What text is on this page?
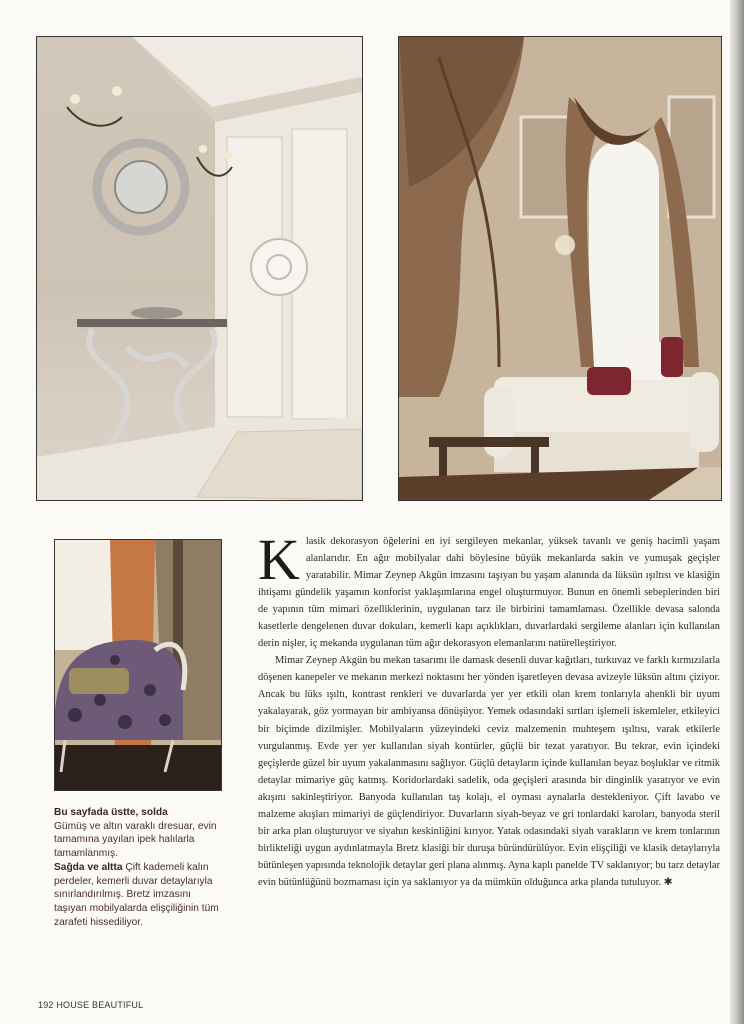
Bu sayfada üstte, solda
Gümüş ve altın varaklı dresuar, evin tamamına yayılan ipek halılarla tamamlanmış.
Sağda ve altta Çift kademeli kalın perdeler, kemerli duvar detaylarıyla sınırlandırılmış. Bretz imzasını taşıyan mobilyalarda elişçiliğinin tüm zarafeti hissediliyor.

Klasik dekorasyon öğelerini en iyi sergileyen mekanlar, yüksek tavanlı ve geniş hacimli yaşam alanlarıdır. En ağır mobilyalar dahi böylesine büyük mekanlarda sakin ve yumuşak geçişler yaratabilir. Mimar Zeynep Akgün imzasını taşıyan bu yaşam alanında da lüksün ışıltısı ve klasiğin ihtişamı gündelik yaşamın konforist yaklaşımlarına engel oluşturmuyor. Bunun en önemli sebeplerinden biri de yapının tüm mimari özelliklerinin, uygulanan tarz ile birbirini tamamlaması. Özellikle devasa salonda kasetlerle dengelenen duvar dokuları, kemerli kapı açıklıkları, duvarlardaki sergileme alanları için kullanılan derin nişler, iç mekanda uygulanan tüm ağır dekorasyon elemanlarını natürelleştiriyor.

Mimar Zeynep Akgün bu mekan tasarımı ile damask desenli duvar kağıtları, turkuvaz ve farklı kırmızılarla döşenen kanepeler ve mekanın merkezi noktasını her yönden işaretleyen devasa avizeyle lüksün altını çiziyor. Ancak bu lüks ışıltı, kontrast renkleri ve duvarlarda yer yer etkili olan krem tonlarıyla ahenkli bir uyum yakalayarak, göz yormayan bir ambiyansa dönüşüyor. Yemek odasındaki sırtları işlemeli iskemleler, etkileyici bir biçimde dizilmişler. Mobilyaların yüzeyindeki ceviz malzemenin muhteşem ışıltısı, varak etkilerle vurgulanmış. Evde yer yer kullanılan siyah kontürler, güçlü bir tezat yaratıyor. Bu tekrar, evin içindeki geçişlerde güzel bir uyum yakalanmasını sağlıyor. Güçlü detayların içinde kullanılan beyaz boşluklar ve ritmik detaylar mimariye güç katmış. Koridorlardaki sadelik, oda geçişleri arasında bir dinginlik yaratıyor ve evin akışını sakinleştiriyor. Banyoda kullanılan taş kolajı, el oyması aynalarla destekleniyor. Çift lavabo ve malzeme akışları mimariyi de güçlendiriyor. Duvarların siyah-beyaz ve gri tonlardaki karoları, banyoda steril bir arka plan oluşturuyor ve siyahın keskinliğini kırıyor. Yatak odasındaki siyah varakların ve krem tonlarının birlikteliği uygun aydınlatmayla Bretz klasiği bir duruşa büründürülüyor. Evin elişçiliği ve klasik detaylarıyla bütünleşen yapısında teknolojik detaylar geri plana alınmış. Ayna kaplı panelde TV saklanıyor; bu tarz detaylar evin bütünlüğünü bozmaması için ya saklanıyor ya da mümkün olduğunca arka planda tutuluyor. ✱

192 HOUSE BEAUTIFUL
